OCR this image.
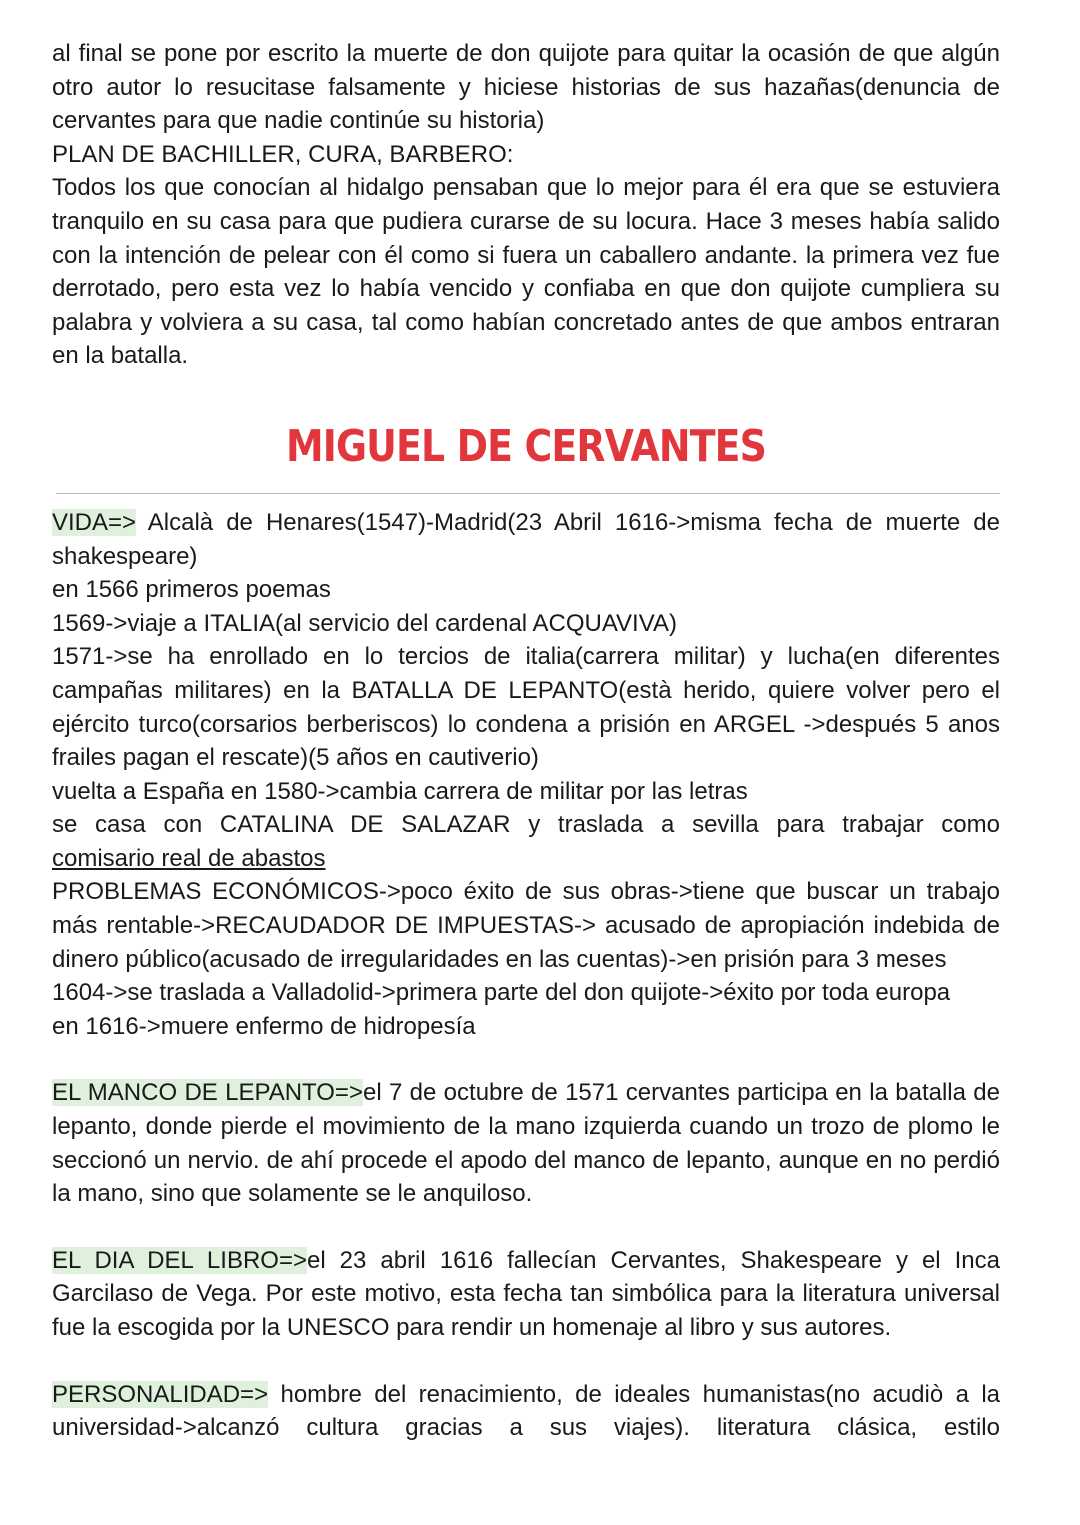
al final se pone por escrito la muerte de don quijote para quitar la ocasión de que algún otro autor lo resucitase falsamente y hiciese historias de sus hazañas(denuncia de cervantes para que nadie continúe su historia)

PLAN DE BACHILLER, CURA, BARBERO:

Todos los que conocían al hidalgo pensaban que lo mejor para él era que se estuviera tranquilo en su casa para que pudiera curarse de su locura. Hace 3 meses había salido con la intención de pelear con él como si fuera un caballero andante. la primera vez fue derrotado, pero esta vez lo había vencido y confiaba en que don quijote cumpliera su palabra y volviera a su casa, tal como habían concretado antes de que ambos entraran en la batalla.

MIGUEL DE CERVANTES

VIDA=> Alcalà de Henares(1547)-Madrid(23 Abril 1616->misma fecha de muerte de shakespeare)

en 1566 primeros poemas

1569->viaje a ITALIA(al servicio del cardenal ACQUAVIVA)

1571->se ha enrollado en lo tercios de italia(carrera militar) y lucha(en diferentes campañas militares) en la BATALLA DE LEPANTO(està herido, quiere volver pero el ejército turco(corsarios berberiscos) lo condena a prisión en ARGEL ->después 5 anos frailes pagan el rescate)(5 años en cautiverio)

vuelta a España en 1580->cambia carrera de militar por las letras

se casa con CATALINA DE SALAZAR y traslada a sevilla para trabajar como

comisario real de abastos

PROBLEMAS ECONÓMICOS->poco éxito de sus obras->tiene que buscar un trabajo más rentable->RECAUDADOR DE IMPUESTAS-> acusado de apropiación indebida de dinero público(acusado de irregularidades en las cuentas)->en prisión para 3 meses

1604->se traslada a Valladolid->primera parte del don quijote->éxito por toda europa

en 1616->muere enfermo de hidropesía

EL MANCO DE LEPANTO=>el 7 de octubre de 1571 cervantes participa en la batalla de lepanto, donde pierde el movimiento de la mano izquierda cuando un trozo de plomo le seccionó un nervio. de ahí procede el apodo del manco de lepanto, aunque en no perdió la mano, sino que solamente se le anquiloso.

EL DIA DEL LIBRO=>el 23 abril 1616 fallecían Cervantes, Shakespeare y el Inca Garcilaso de Vega. Por este motivo, esta fecha tan simbólica para la literatura universal fue la escogida por la UNESCO para rendir un homenaje al libro y sus autores.

PERSONALIDAD=> hombre del renacimiento, de ideales humanistas(no acudiò a la universidad->alcanzó cultura gracias a sus viajes). literatura clásica, estilo
